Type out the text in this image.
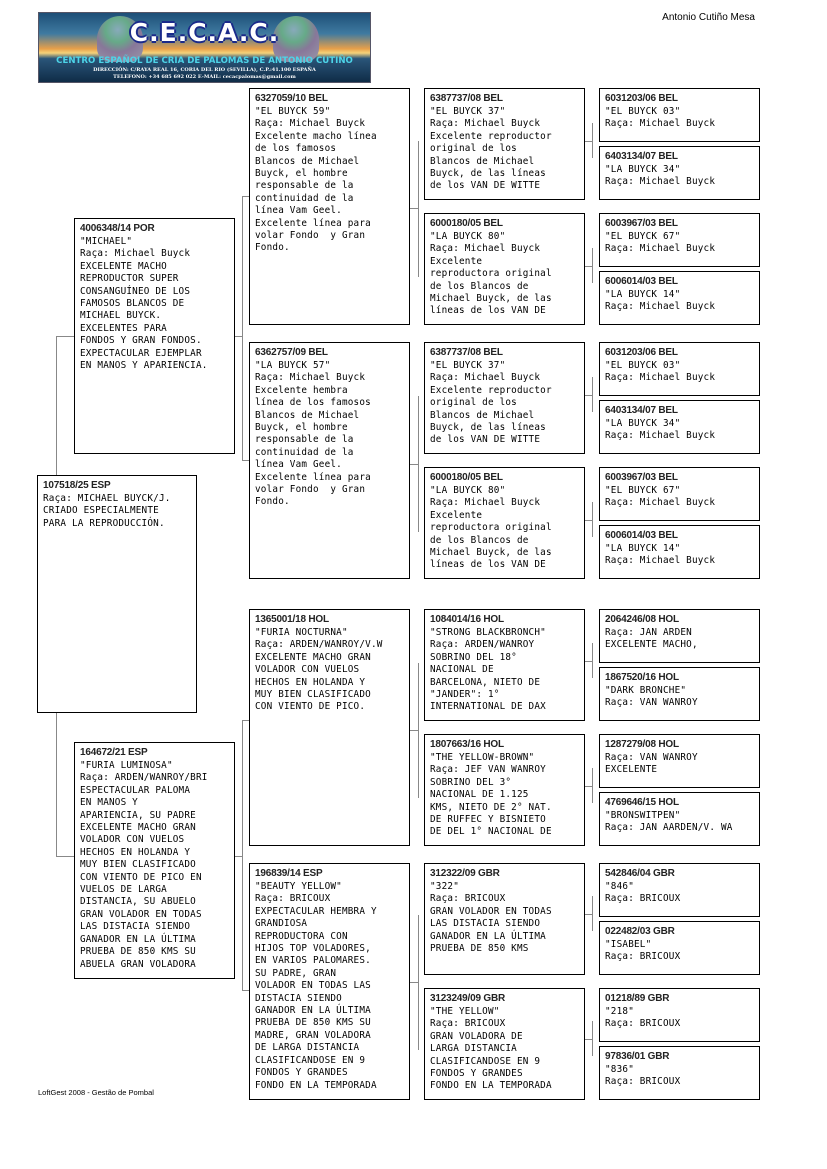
C.E.C.A.C.
CENTRO ESPAÑOL DE CRIA DE PALOMAS DE ANTONIO CUTIÑO
DIRECCIÓN: C/RAYA REAL 16, CORIA DEL RIO (SEVILLA), C.P.:41.100 ESPAÑA
TELEFONO: +34 685 692 022 E-MAIL: cecacpalomas@gmail.com
Antonio Cutiño Mesa
107518/25 ESP
Raça: MICHAEL BUYCK/J.
CRIADO ESPECIALMENTE
PARA LA REPRODUCCIÓN.
4006348/14 POR
"MICHAEL"
Raça: Michael Buyck
EXCELENTE MACHO
REPRODUCTOR SUPER
CONSANGUÍNEO DE LOS
FAMOSOS BLANCOS DE
MICHAEL BUYCK.
EXCELENTES PARA
FONDOS Y GRAN FONDOS.
EXPECTACULAR EJEMPLAR
EN MANOS Y APARIENCIA.
164672/21 ESP
"FURIA LUMINOSA"
Raça: ARDEN/WANROY/BRI
ESPECTACULAR PALOMA
EN MANOS Y
APARIENCIA, SU PADRE
EXCELENTE MACHO GRAN
VOLADOR CON VUELOS
HECHOS EN HOLANDA Y
MUY BIEN CLASIFICADO
CON VIENTO DE PICO EN
VUELOS DE LARGA
DISTANCIA, SU ABUELO
GRAN VOLADOR EN TODAS
LAS DISTACIA SIENDO
GANADOR EN LA ÚLTIMA
PRUEBA DE 850 KMS SU
ABUELA GRAN VOLADORA
6327059/10 BEL
"EL BUYCK 59"
Raça: Michael Buyck
Excelente macho línea
de los famosos
Blancos de Michael
Buyck, el hombre
responsable de la
continuidad de la
línea Vam Geel.
Excelente línea para
volar Fondo  y Gran
Fondo.
6362757/09 BEL
"LA BUYCK 57"
Raça: Michael Buyck
Excelente hembra
línea de los famosos
Blancos de Michael
Buyck, el hombre
responsable de la
continuidad de la
línea Vam Geel.
Excelente línea para
volar Fondo  y Gran
Fondo.
1365001/18 HOL
"FURIA NOCTURNA"
Raça: ARDEN/WANROY/V.W
EXCELENTE MACHO GRAN
VOLADOR CON VUELOS
HECHOS EN HOLANDA Y
MUY BIEN CLASIFICADO
CON VIENTO DE PICO.
196839/14 ESP
"BEAUTY YELLOW"
Raça: BRICOUX
EXPECTACULAR HEMBRA Y
GRANDIOSA
REPRODUCTORA CON
HIJOS TOP VOLADORES,
EN VARIOS PALOMARES.
SU PADRE, GRAN
VOLADOR EN TODAS LAS
DISTACIA SIENDO
GANADOR EN LA ÚLTIMA
PRUEBA DE 850 KMS SU
MADRE, GRAN VOLADORA
DE LARGA DISTANCIA
CLASIFICANDOSE EN 9
FONDOS Y GRANDES
FONDO EN LA TEMPORADA
6387737/08 BEL
"EL BUYCK 37"
Raça: Michael Buyck
Excelente reproductor
original de los
Blancos de Michael
Buyck, de las líneas
de los VAN DE WITTE
6000180/05 BEL
"LA BUYCK 80"
Raça: Michael Buyck
Excelente
reproductora original
de los Blancos de
Michael Buyck, de las
líneas de los VAN DE
6387737/08 BEL
"EL BUYCK 37"
Raça: Michael Buyck
Excelente reproductor
original de los
Blancos de Michael
Buyck, de las líneas
de los VAN DE WITTE
6000180/05 BEL
"LA BUYCK 80"
Raça: Michael Buyck
Excelente
reproductora original
de los Blancos de
Michael Buyck, de las
líneas de los VAN DE
1084014/16 HOL
"STRONG BLACKBRONCH"
Raça: ARDEN/WANROY
SOBRINO DEL 18°
NACIONAL DE
BARCELONA, NIETO DE
"JANDER": 1°
INTERNATIONAL DE DAX
1807663/16 HOL
"THE YELLOW-BROWN"
Raça: JEF VAN WANROY
SOBRINO DEL 3°
NACIONAL DE 1.125
KMS, NIETO DE 2° NAT.
DE RUFFEC Y BISNIETO
DE DEL 1° NACIONAL DE
312322/09 GBR
"322"
Raça: BRICOUX
GRAN VOLADOR EN TODAS
LAS DISTACIA SIENDO
GANADOR EN LA ÚLTIMA
PRUEBA DE 850 KMS
3123249/09 GBR
"THE YELLOW"
Raça: BRICOUX
GRAN VOLADORA DE
LARGA DISTANCIA
CLASIFICANDOSE EN 9
FONDOS Y GRANDES
FONDO EN LA TEMPORADA
6031203/06 BEL
"EL BUYCK 03"
Raça: Michael Buyck
6403134/07 BEL
"LA BUYCK 34"
Raça: Michael Buyck
6003967/03 BEL
"EL BUYCK 67"
Raça: Michael Buyck
6006014/03 BEL
"LA BUYCK 14"
Raça: Michael Buyck
6031203/06 BEL
"EL BUYCK 03"
Raça: Michael Buyck
6403134/07 BEL
"LA BUYCK 34"
Raça: Michael Buyck
6003967/03 BEL
"EL BUYCK 67"
Raça: Michael Buyck
6006014/03 BEL
"LA BUYCK 14"
Raça: Michael Buyck
2064246/08 HOL
Raça: JAN ARDEN
EXCELENTE MACHO,
1867520/16 HOL
"DARK BRONCHE"
Raça: VAN WANROY
1287279/08 HOL
Raça: VAN WANROY
EXCELENTE
4769646/15 HOL
"BRONSWITPEN"
Raça: JAN AARDEN/V. WA
542846/04 GBR
"846"
Raça: BRICOUX
022482/03 GBR
"ISABEL"
Raça: BRICOUX
01218/89 GBR
"218"
Raça: BRICOUX
97836/01 GBR
"836"
Raça: BRICOUX
LoftGest 2008 - Gestão de Pombal
